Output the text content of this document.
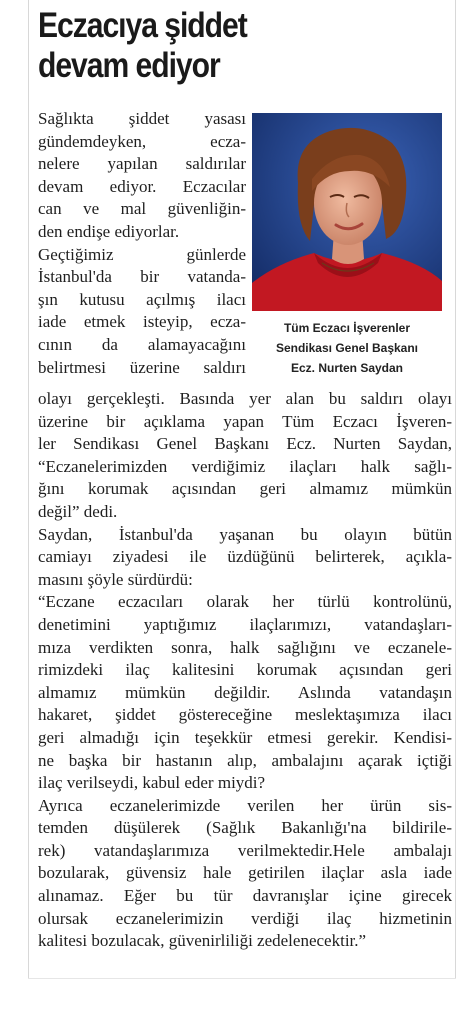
Eczacıya şiddet
devam ediyor
Sağlıkta şiddet yasası
gündemdeyken, ecza-
nelere yapılan saldırılar
devam ediyor. Eczacılar
can ve mal güvenliğin-
den endişe ediyorlar.
Geçtiğimiz günlerde
İstanbul'da bir vatanda-
şın kutusu açılmış ilacı
iade etmek isteyip, ecza-
cının da alamayacağını
belirtmesi üzerine saldırı
Tüm Eczacı İşverenler
Sendikası Genel Başkanı
Ecz. Nurten Saydan
olayı gerçekleşti. Basında yer alan bu saldırı olayı
üzerine bir açıklama yapan Tüm Eczacı İşveren-
ler Sendikası Genel Başkanı Ecz. Nurten Saydan,
“Eczanelerimizden verdiğimiz ilaçları halk sağlı-
ğını korumak açısından geri almamız mümkün
değil” dedi.
Saydan, İstanbul'da yaşanan bu olayın bütün
camiayı ziyadesi ile üzdüğünü belirterek, açıkla-
masını şöyle sürdürdü:
“Eczane eczacıları olarak her türlü kontrolünü,
denetimini yaptığımız ilaçlarımızı, vatandaşları-
mıza verdikten sonra, halk sağlığını ve eczanele-
rimizdeki ilaç kalitesini korumak açısından geri
almamız mümkün değildir. Aslında vatandaşın
hakaret, şiddet göstereceğine meslektaşımıza ilacı
geri almadığı için teşekkür etmesi gerekir. Kendisi-
ne başka bir hastanın alıp, ambalajını açarak içtiği
ilaç verilseydi, kabul eder miydi?
Ayrıca eczanelerimizde verilen her ürün sis-
temden düşülerek (Sağlık Bakanlığı'na bildirile-
rek) vatandaşlarımıza verilmektedir.Hele ambalajı
bozularak, güvensiz hale getirilen ilaçlar asla iade
alınamaz. Eğer bu tür davranışlar içine girecek
olursak eczanelerimizin verdiği ilaç hizmetinin
kalitesi bozulacak, güvenirliliği zedelenecektir.”
